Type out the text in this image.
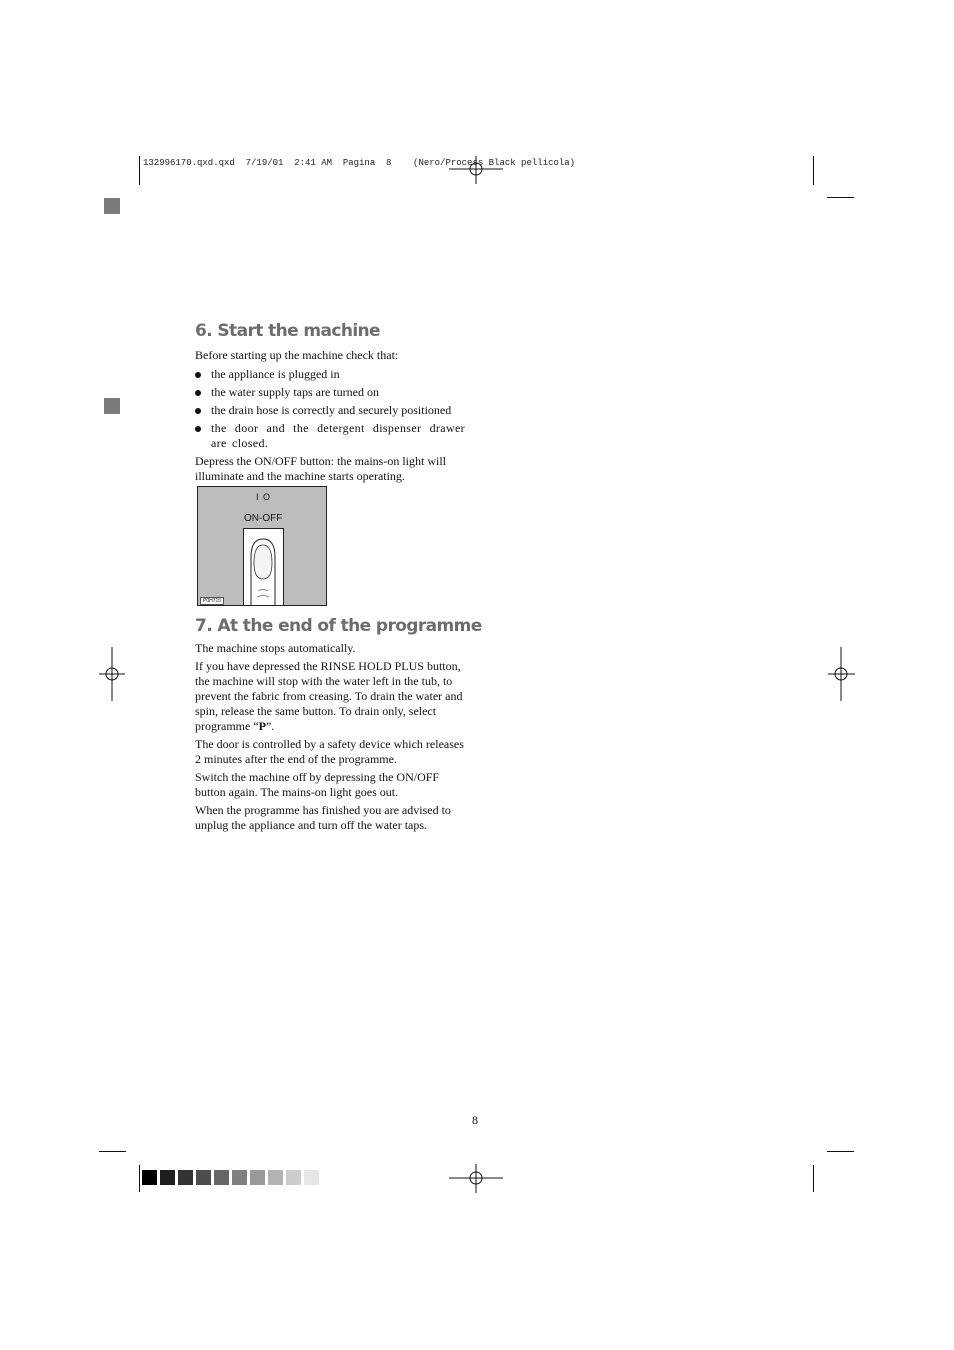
132996170.qxd.qxd  7/19/01  2:41 AM  Pagina  8    (Nero/Process Black pellicola)
6. Start the machine

Before starting up the machine check that:

the appliance is plugged in
the water supply taps are turned on
the drain hose is correctly and securely positioned
the door and the detergent dispenser drawer are closed.

Depress the ON/OFF button: the mains-on light will illuminate and the machine starts operating.

I O
ON-OFF
P0H715
7. At the end of the programme

The machine stops automatically.

If you have depressed the RINSE HOLD PLUS button, the machine will stop with the water left in the tub, to prevent the fabric from creasing. To drain the water and spin, release the same button. To drain only, select programme “P”.

The door is controlled by a safety device which releases 2 minutes after the end of the programme.

Switch the machine off by depressing the ON/OFF button again. The mains-on light goes out.

When the programme has finished you are advised to unplug the appliance and turn off the water taps.

8
